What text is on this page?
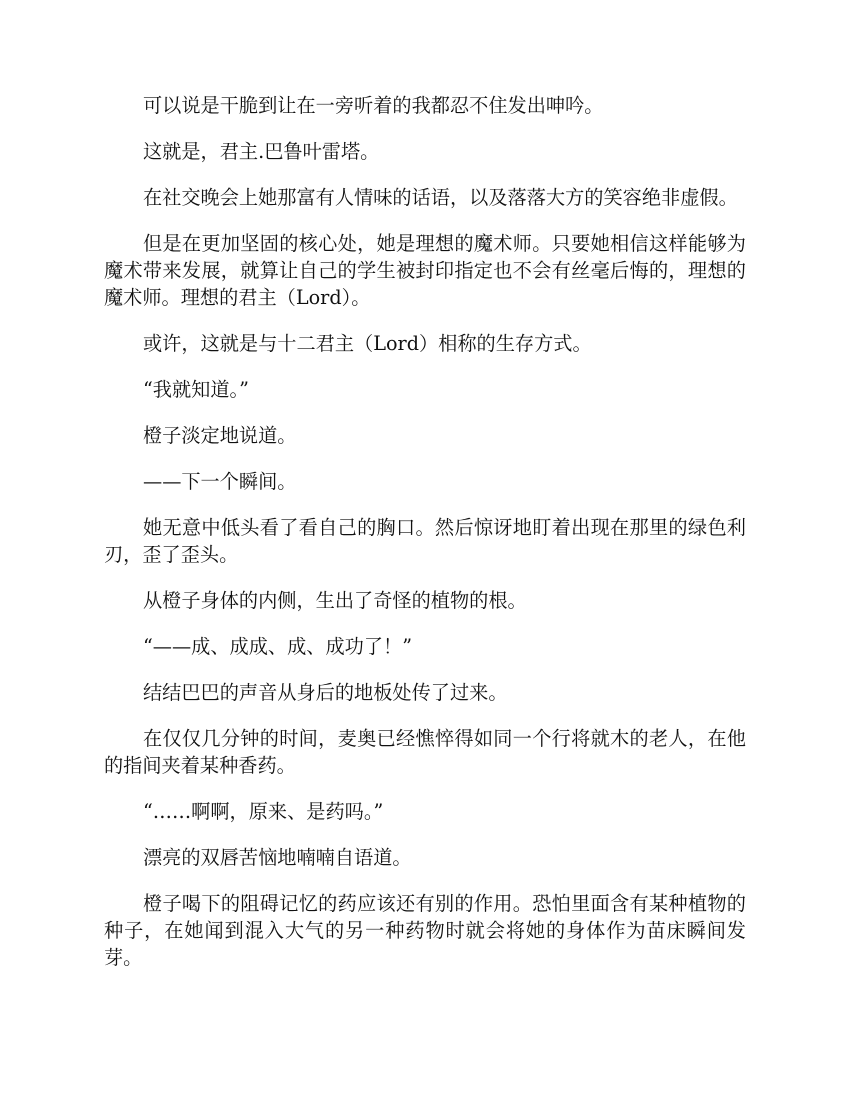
可以说是干脆到让在一旁听着的我都忍不住发出呻吟。

这就是，君主.巴鲁叶雷塔。

在社交晚会上她那富有人情味的话语，以及落落大方的笑容绝非虚假。

但是在更加坚固的核心处，她是理想的魔术师。只要她相信这样能够为魔术带来发展，就算让自己的学生被封印指定也不会有丝毫后悔的，理想的魔术师。理想的君主（Lord）。

或许，这就是与十二君主（Lord）相称的生存方式。

“我就知道。”

橙子淡定地说道。

——下一个瞬间。

她无意中低头看了看自己的胸口。然后惊讶地盯着出现在那里的绿色利刃，歪了歪头。

从橙子身体的内侧，生出了奇怪的植物的根。

“——成、成成、成、成功了！”

结结巴巴的声音从身后的地板处传了过来。

在仅仅几分钟的时间，麦奥已经憔悴得如同一个行将就木的老人，在他的指间夹着某种香药。

“……啊啊，原来、是药吗。”

漂亮的双唇苦恼地喃喃自语道。

橙子喝下的阻碍记忆的药应该还有别的作用。恐怕里面含有某种植物的种子，在她闻到混入大气的另一种药物时就会将她的身体作为苗床瞬间发芽。
